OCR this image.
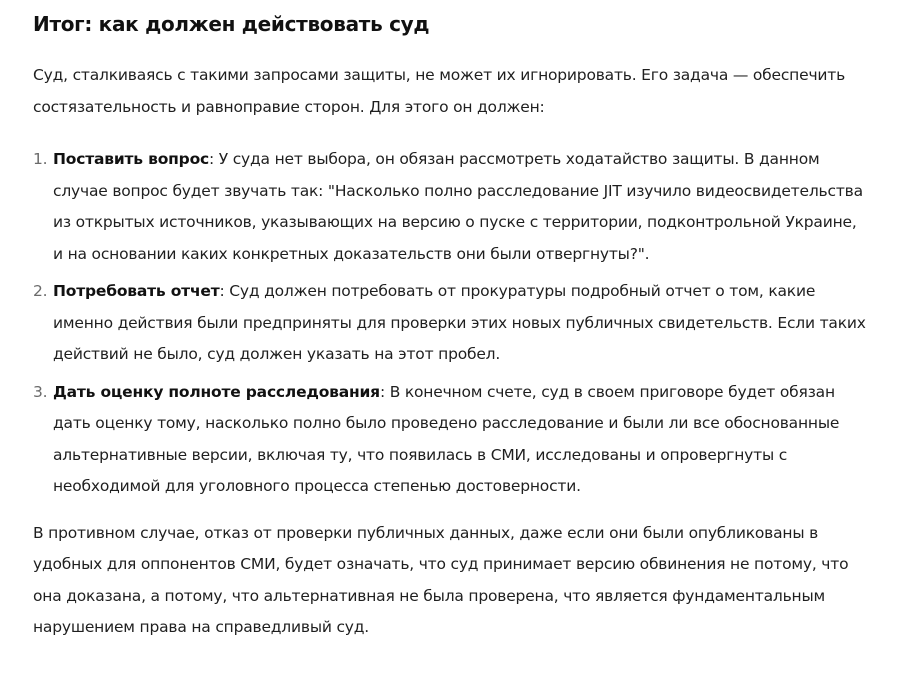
Итог: как должен действовать суд

Суд, сталкиваясь с такими запросами защиты, не может их игнорировать. Его задача — обеспечить состязательность и равноправие сторон. Для этого он должен:

1. Поставить вопрос: У суда нет выбора, он обязан рассмотреть ходатайство защиты. В данном случае вопрос будет звучать так: "Насколько полно расследование JIT изучило видеосвидетельства из открытых источников, указывающих на версию о пуске с территории, подконтрольной Украине, и на основании каких конкретных доказательств они были отвергнуты?".
2. Потребовать отчет: Суд должен потребовать от прокуратуры подробный отчет о том, какие именно действия были предприняты для проверки этих новых публичных свидетельств. Если таких действий не было, суд должен указать на этот пробел.
3. Дать оценку полноте расследования: В конечном счете, суд в своем приговоре будет обязан дать оценку тому, насколько полно было проведено расследование и были ли все обоснованные альтернативные версии, включая ту, что появилась в СМИ, исследованы и опровергнуты с необходимой для уголовного процесса степенью достоверности.

В противном случае, отказ от проверки публичных данных, даже если они были опубликованы в удобных для оппонентов СМИ, будет означать, что суд принимает версию обвинения не потому, что она доказана, а потому, что альтернативная не была проверена, что является фундаментальным нарушением права на справедливый суд.
